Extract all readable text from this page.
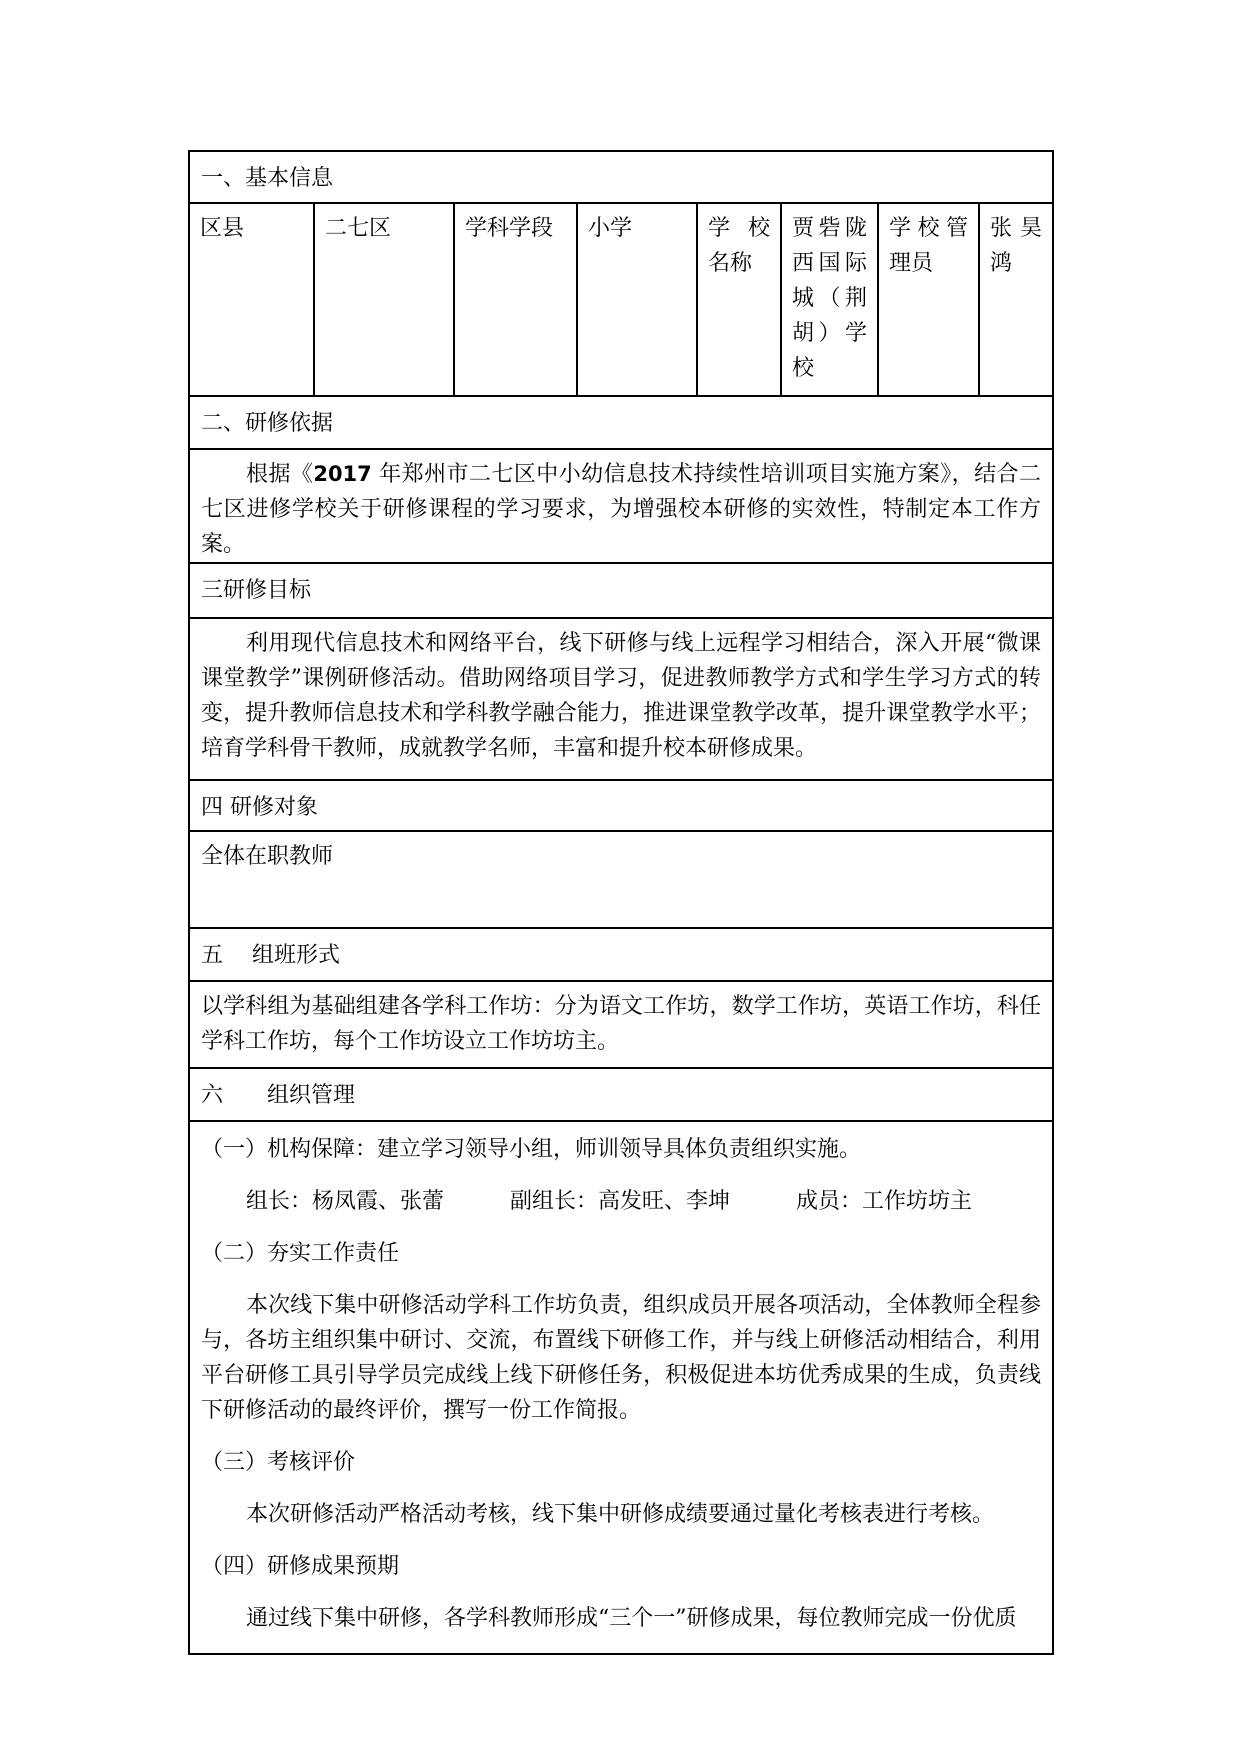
一、基本信息
区县	二七区	学科学段	小学	学校名称	贾砦陇西国际城（荆胡）学校	学校管理员	张昊鸿
二、研修依据

根据《2017 年郑州市二七区中小幼信息技术持续性培训项目实施方案》，结合二七区进修学校关于研修课程的学习要求，为增强校本研修的实效性，特制定本工作方案。

三研修目标

利用现代信息技术和网络平台，线下研修与线上远程学习相结合，深入开展“微课课堂教学”课例研修活动。借助网络项目学习，促进教师教学方式和学生学习方式的转变，提升教师信息技术和学科教学融合能力，推进课堂教学改革，提升课堂教学水平；培育学科骨干教师，成就教学名师，丰富和提升校本研修成果。

四 研修对象

全体在职教师

五　 组班形式

以学科组为基础组建各学科工作坊：分为语文工作坊，数学工作坊，英语工作坊，科任学科工作坊，每个工作坊设立工作坊坊主。

六　　组织管理

（一）机构保障：建立学习领导小组，师训领导具体负责组织实施。

组长：杨凤霞、张蕾　　　副组长：高发旺、李坤　　　成员：工作坊坊主

（二）夯实工作责任

本次线下集中研修活动学科工作坊负责，组织成员开展各项活动，全体教师全程参与，各坊主组织集中研讨、交流，布置线下研修工作，并与线上研修活动相结合，利用平台研修工具引导学员完成线上线下研修任务，积极促进本坊优秀成果的生成，负责线下研修活动的最终评价，撰写一份工作简报。

（三）考核评价

本次研修活动严格活动考核，线下集中研修成绩要通过量化考核表进行考核。

（四）研修成果预期

通过线下集中研修，各学科教师形成“三个一”研修成果，每位教师完成一份优质
